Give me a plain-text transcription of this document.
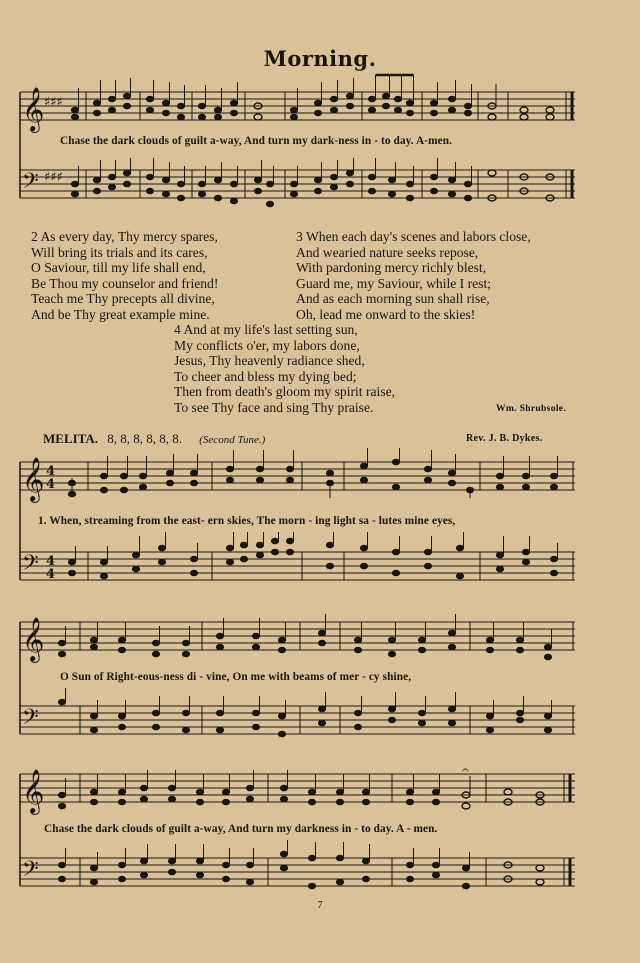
Morning.
𝄞
𝄢
♯♯♯
♯♯♯
Chase the dark clouds of guilt a-way, And turn my dark-ness in - to day. A-men.
2 As every day, Thy mercy spares,
Will bring its trials and its cares,
O Saviour, till my life shall end,
Be Thou my counselor and friend!
Teach me Thy precepts all divine,
And be Thy great example mine.
3 When each day's scenes and labors close,
And wearied nature seeks repose,
With pardoning mercy richly blest,
Guard me, my Saviour, while I rest;
And as each morning sun shall rise,
Oh, lead me onward to the skies!
4 And at my life's last setting sun,
My conflicts o'er, my labors done,
Jesus, Thy heavenly radiance shed,
To cheer and bless my dying bed;
Then from death's gloom my spirit raise,
To see Thy face and sing Thy praise.	Wm. Shrubsole.
MELITA. 8, 8, 8, 8, 8, 8. (Second Tune.)	Rev. J. B. Dykes.
𝄞
𝄢
4
4
4
4
1. When, streaming from the east- ern skies, The morn - ing light sa - lutes mine eyes,
𝄞
𝄢
O Sun of Right-eous-ness di - vine, On me with beams of mer - cy shine,
𝄞
𝄢
𝄐
Chase the dark clouds of guilt a-way, And turn my darkness in - to day. A - men.
7
